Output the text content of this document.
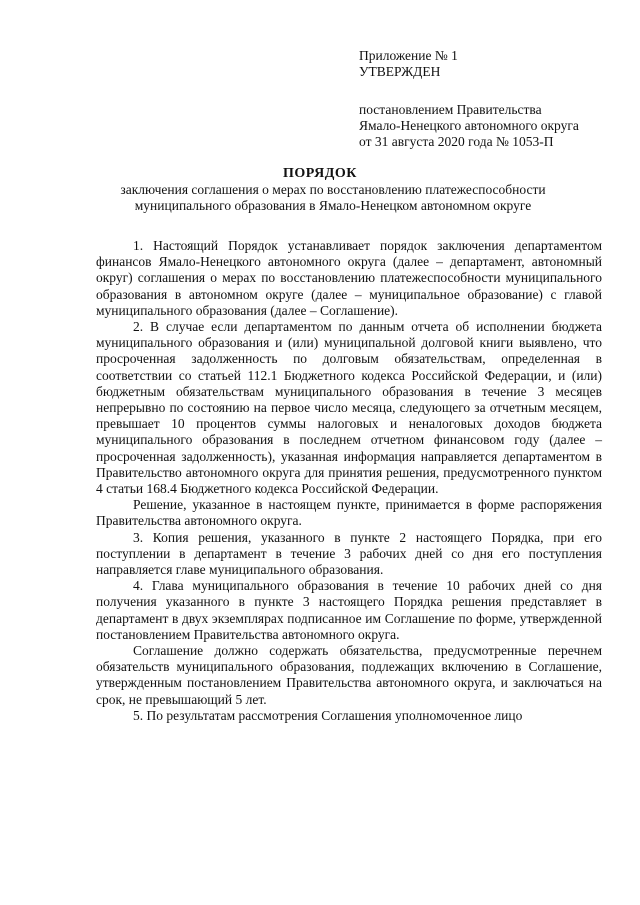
Приложение № 1
УТВЕРЖДЕН
постановлением Правительства
Ямало-Ненецкого автономного округа
от 31 августа 2020 года № 1053-П
ПОРЯДОК
заключения соглашения о мерах по восстановлению платежеспособности муниципального образования в Ямало-Ненецком автономном округе

1. Настоящий Порядок устанавливает порядок заключения департаментом финансов Ямало-Ненецкого автономного округа (далее – департамент, автономный округ) соглашения о мерах по восстановлению платежеспособности муниципального образования в автономном округе (далее – муниципальное образование) с главой муниципального образования (далее – Соглашение).

2. В случае если департаментом по данным отчета об исполнении бюджета муниципального образования и (или) муниципальной долговой книги выявлено, что просроченная задолженность по долговым обязательствам, определенная в соответствии со статьей 112.1 Бюджетного кодекса Российской Федерации, и (или) бюджетным обязательствам муниципального образования в течение 3 месяцев непрерывно по состоянию на первое число месяца, следующего за отчетным месяцем, превышает 10 процентов суммы налоговых и неналоговых доходов бюджета муниципального образования в последнем отчетном финансовом году (далее – просроченная задолженность), указанная информация направляется департаментом в Правительство автономного округа для принятия решения, предусмотренного пунктом 4 статьи 168.4 Бюджетного кодекса Российской Федерации.

Решение, указанное в настоящем пункте, принимается в форме распоряжения Правительства автономного округа.

3. Копия решения, указанного в пункте 2 настоящего Порядка, при его поступлении в департамент в течение 3 рабочих дней со дня его поступления направляется главе муниципального образования.

4. Глава муниципального образования в течение 10 рабочих дней со дня получения указанного в пункте 3 настоящего Порядка решения представляет в департамент в двух экземплярах подписанное им Соглашение по форме, утвержденной постановлением Правительства автономного округа.

Соглашение должно содержать обязательства, предусмотренные перечнем обязательств муниципального образования, подлежащих включению в Соглашение, утвержденным постановлением Правительства автономного округа, и заключаться на срок, не превышающий 5 лет.

5. По результатам рассмотрения Соглашения уполномоченное лицо
